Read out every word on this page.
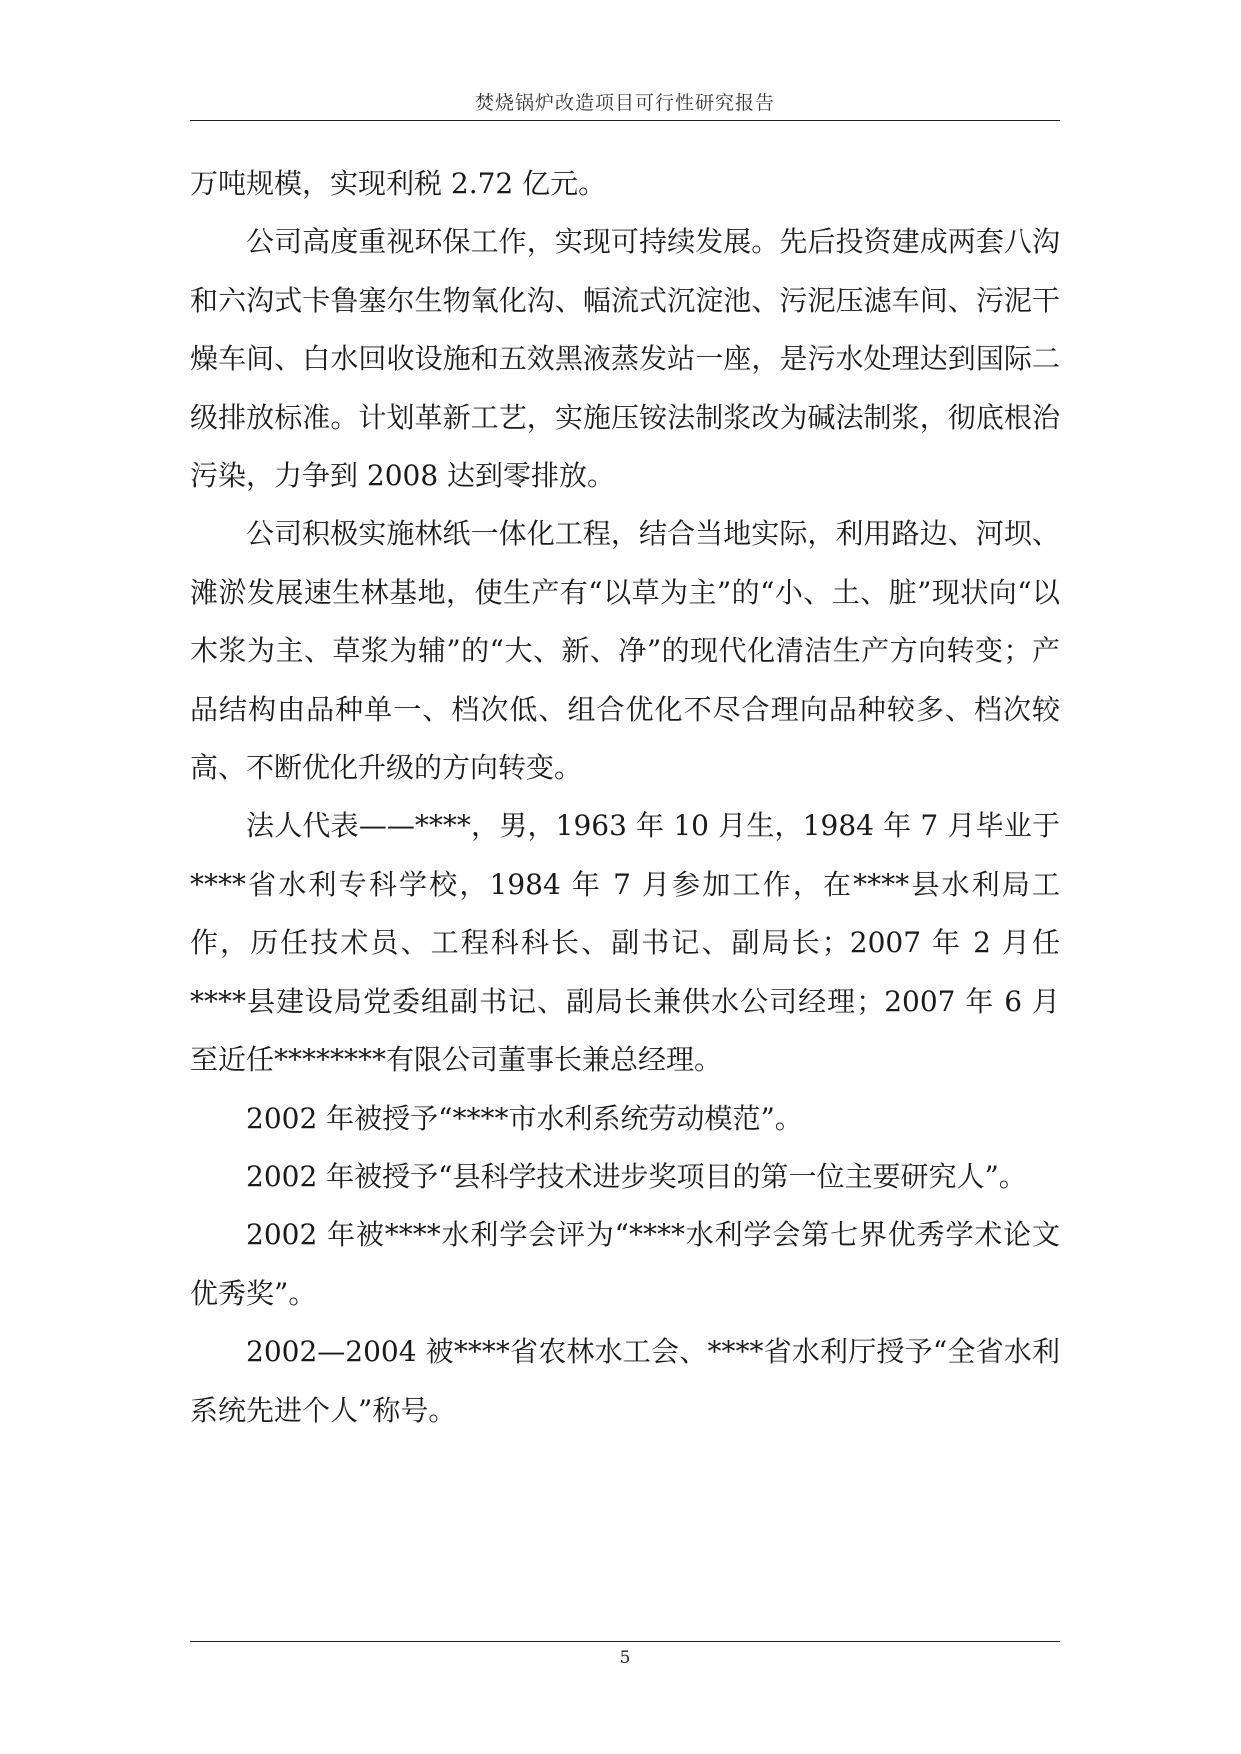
焚烧锅炉改造项目可行性研究报告

万吨规模，实现利税 2.72 亿元。

公司高度重视环保工作，实现可持续发展。先后投资建成两套八沟和六沟式卡鲁塞尔生物氧化沟、幅流式沉淀池、污泥压滤车间、污泥干燥车间、白水回收设施和五效黑液蒸发站一座，是污水处理达到国际二级排放标准。计划革新工艺，实施压铵法制浆改为碱法制浆，彻底根治污染，力争到 2008 达到零排放。

公司积极实施林纸一体化工程，结合当地实际，利用路边、河坝、滩淤发展速生林基地，使生产有“以草为主”的“小、土、脏”现状向“以木浆为主、草浆为辅”的“大、新、净”的现代化清洁生产方向转变；产品结构由品种单一、档次低、组合优化不尽合理向品种较多、档次较高、不断优化升级的方向转变。

法人代表——****，男，1963 年 10 月生，1984 年 7 月毕业于****省水利专科学校，1984 年 7 月参加工作，在****县水利局工作，历任技术员、工程科科长、副书记、副局长；2007 年 2 月任****县建设局党委组副书记、副局长兼供水公司经理；2007 年 6 月至近任********有限公司董事长兼总经理。

2002 年被授予“****市水利系统劳动模范”。

2002 年被授予“县科学技术进步奖项目的第一位主要研究人”。

2002 年被****水利学会评为“****水利学会第七界优秀学术论文优秀奖”。

2002—2004 被****省农林水工会、****省水利厅授予“全省水利系统先进个人”称号。

5
